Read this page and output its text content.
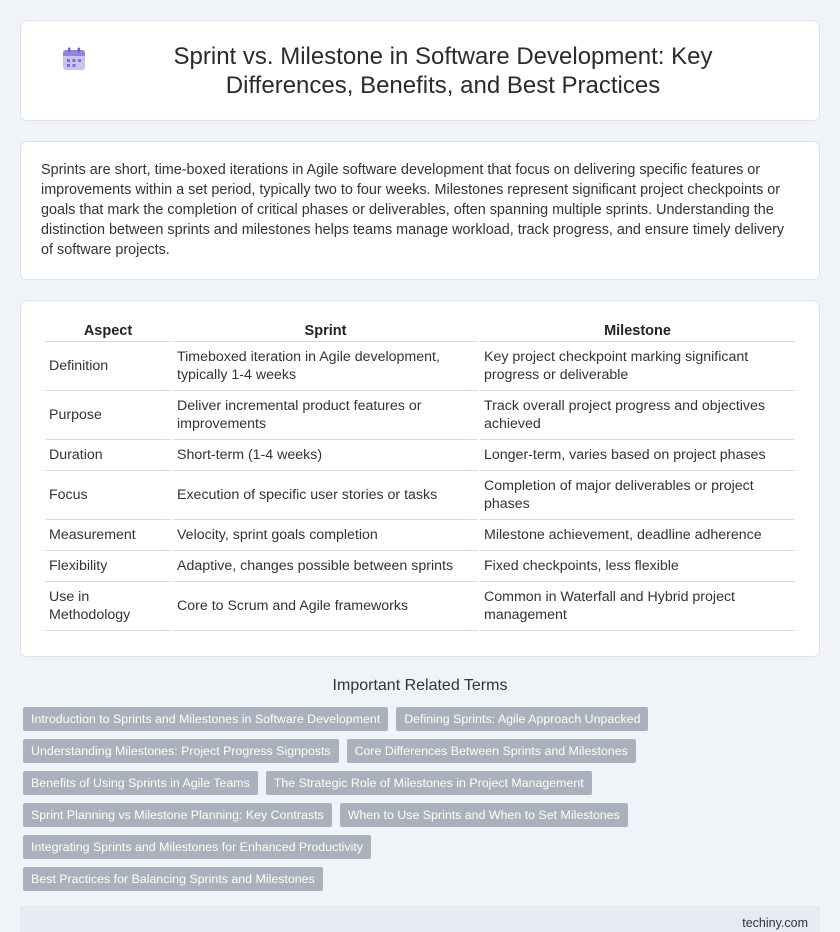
Sprint vs. Milestone in Software Development: Key Differences, Benefits, and Best Practices

Sprints are short, time-boxed iterations in Agile software development that focus on delivering specific features or improvements within a set period, typically two to four weeks. Milestones represent significant project checkpoints or goals that mark the completion of critical phases or deliverables, often spanning multiple sprints. Understanding the distinction between sprints and milestones helps teams manage workload, track progress, and ensure timely delivery of software projects.

Aspect	Sprint	Milestone
Definition	Timeboxed iteration in Agile development, typically 1-4 weeks	Key project checkpoint marking significant progress or deliverable
Purpose	Deliver incremental product features or improvements	Track overall project progress and objectives achieved
Duration	Short-term (1-4 weeks)	Longer-term, varies based on project phases
Focus	Execution of specific user stories or tasks	Completion of major deliverables or project phases
Measurement	Velocity, sprint goals completion	Milestone achievement, deadline adherence
Flexibility	Adaptive, changes possible between sprints	Fixed checkpoints, less flexible
Use in Methodology	Core to Scrum and Agile frameworks	Common in Waterfall and Hybrid project management
Important Related Terms
Introduction to Sprints and Milestones in Software Development	Defining Sprints: Agile Approach Unpacked
Understanding Milestones: Project Progress Signposts	Core Differences Between Sprints and Milestones
Benefits of Using Sprints in Agile Teams	The Strategic Role of Milestones in Project Management
Sprint Planning vs Milestone Planning: Key Contrasts	When to Use Sprints and When to Set Milestones
Integrating Sprints and Milestones for Enhanced Productivity
Best Practices for Balancing Sprints and Milestones
techiny.com
